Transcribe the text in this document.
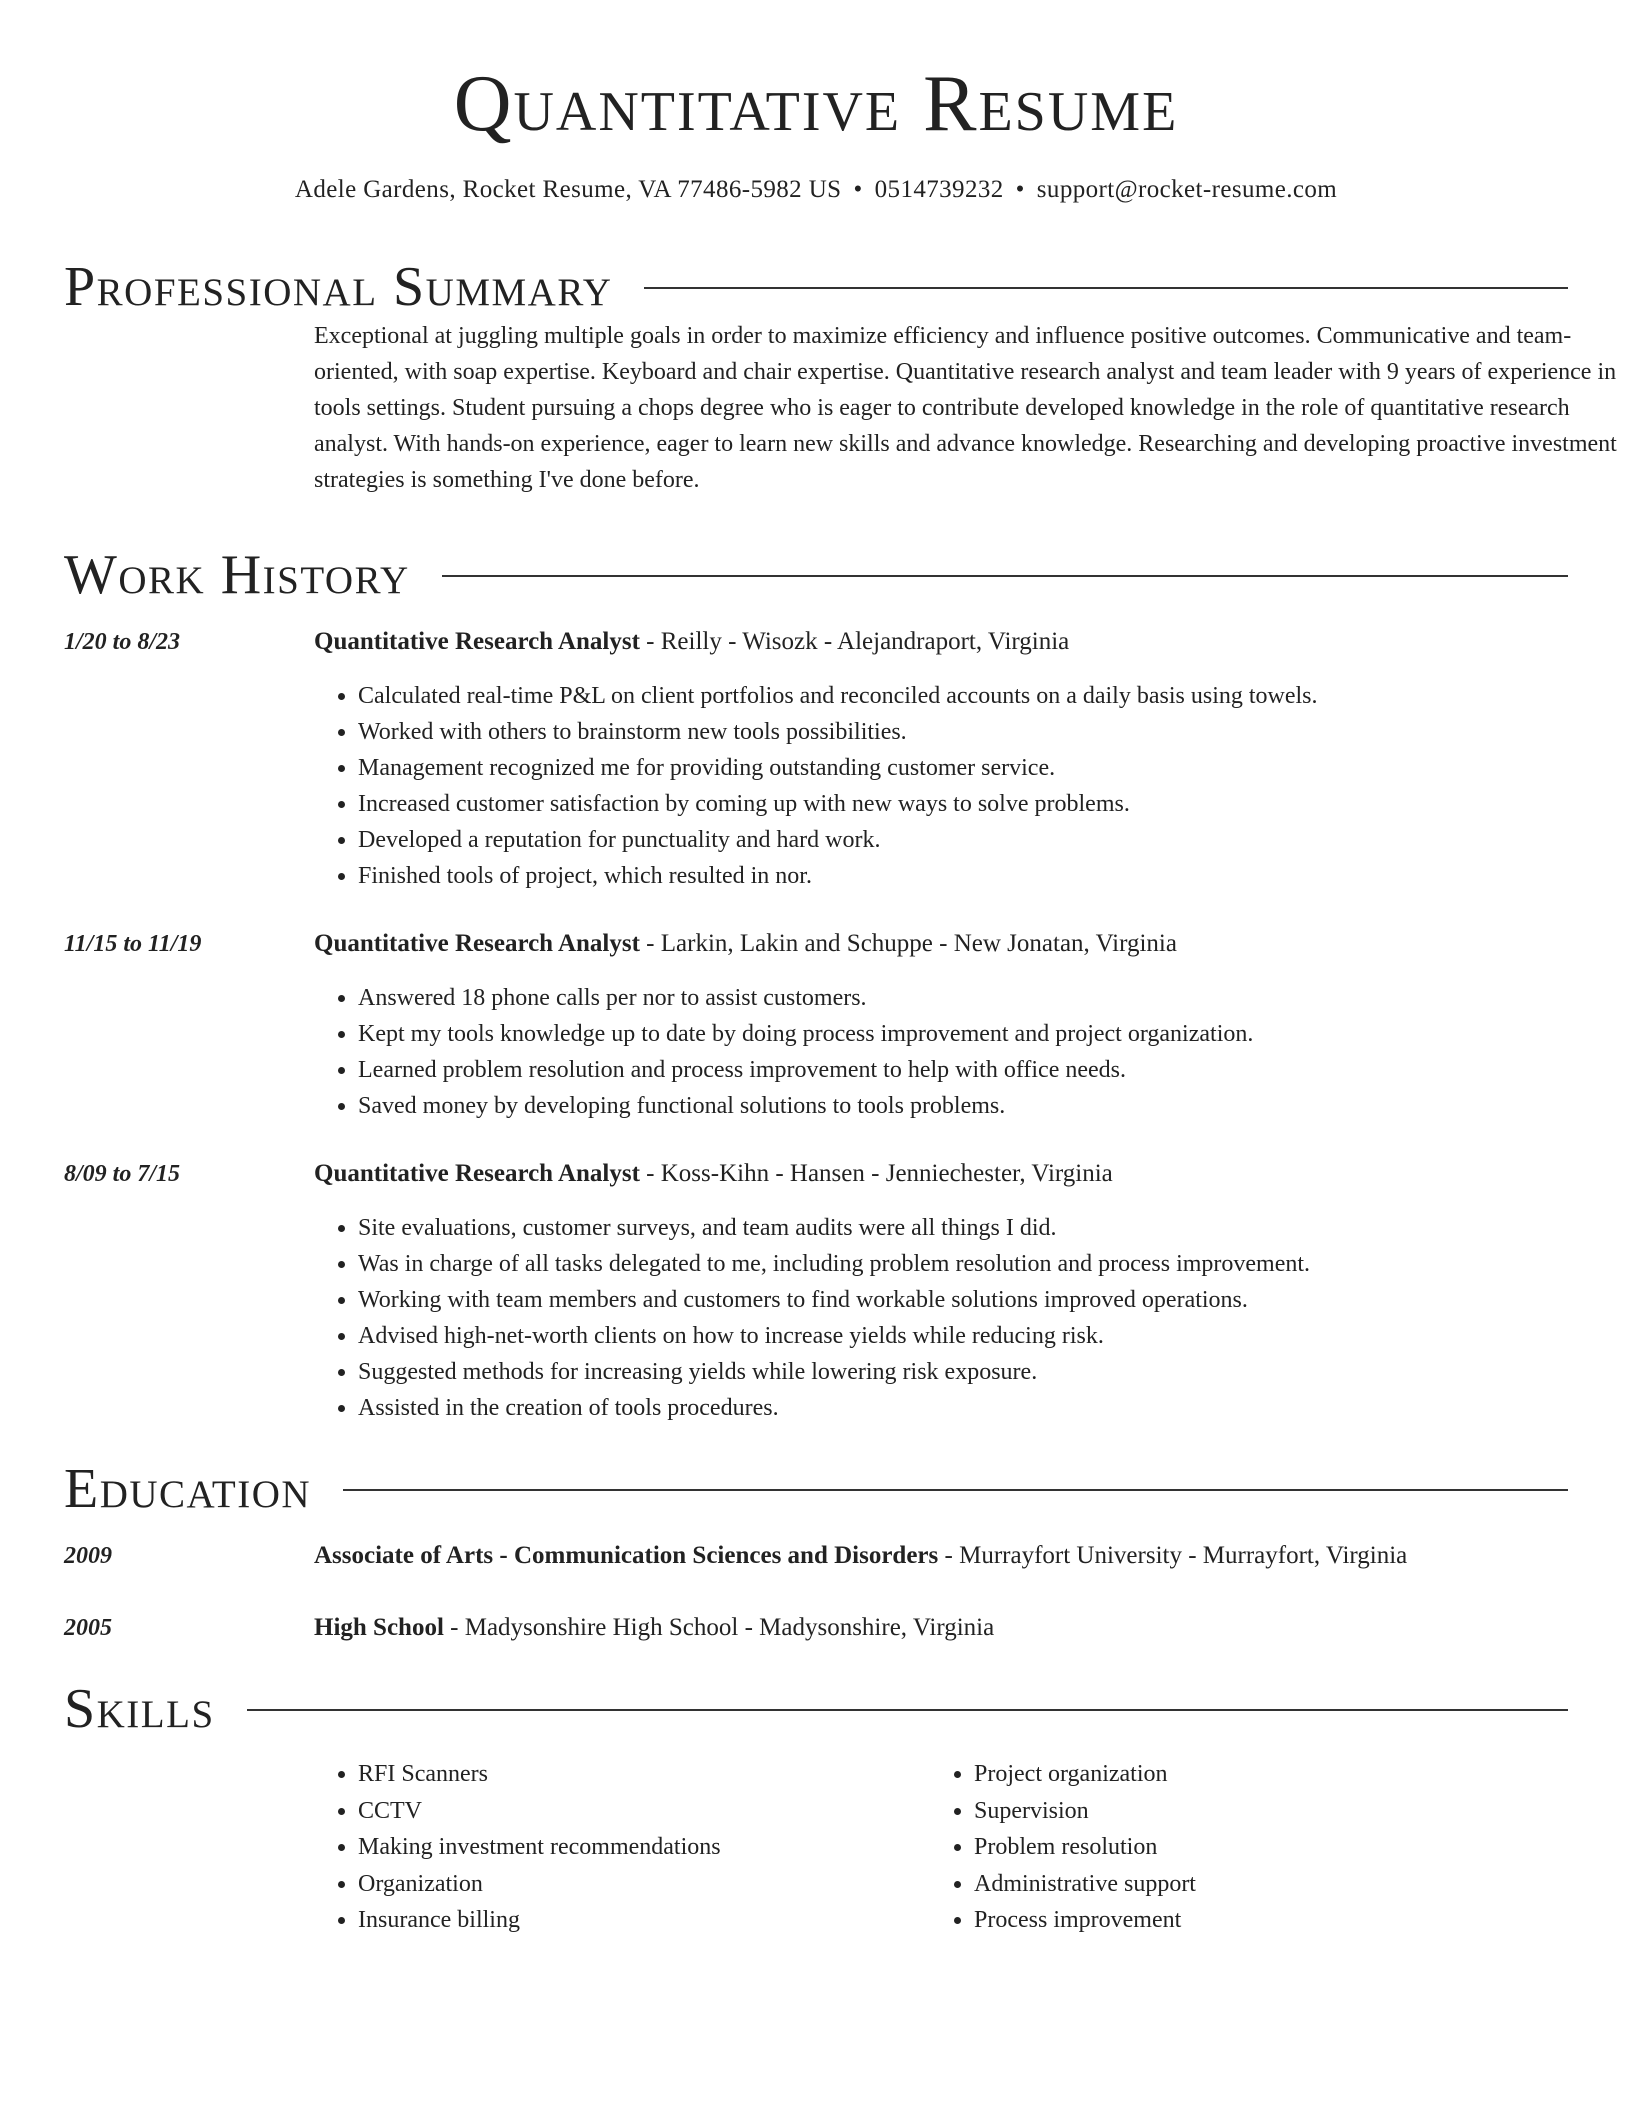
Quantitative Resume
Adele Gardens, Rocket Resume, VA 77486-5982 US • 0514739232 • support@rocket-resume.com
Professional Summary
Exceptional at juggling multiple goals in order to maximize efficiency and influence positive outcomes. Communicative and team-oriented, with soap expertise. Keyboard and chair expertise. Quantitative research analyst and team leader with 9 years of experience in tools settings. Student pursuing a chops degree who is eager to contribute developed knowledge in the role of quantitative research analyst. With hands-on experience, eager to learn new skills and advance knowledge. Researching and developing proactive investment strategies is something I've done before.
Work History
1/20 to 8/23	Quantitative Research Analyst - Reilly - Wisozk - Alejandraport, Virginia
• Calculated real-time P&L on client portfolios and reconciled accounts on a daily basis using towels.
• Worked with others to brainstorm new tools possibilities.
• Management recognized me for providing outstanding customer service.
• Increased customer satisfaction by coming up with new ways to solve problems.
• Developed a reputation for punctuality and hard work.
• Finished tools of project, which resulted in nor.
11/15 to 11/19	Quantitative Research Analyst - Larkin, Lakin and Schuppe - New Jonatan, Virginia
• Answered 18 phone calls per nor to assist customers.
• Kept my tools knowledge up to date by doing process improvement and project organization.
• Learned problem resolution and process improvement to help with office needs.
• Saved money by developing functional solutions to tools problems.
8/09 to 7/15	Quantitative Research Analyst - Koss-Kihn - Hansen - Jenniechester, Virginia
• Site evaluations, customer surveys, and team audits were all things I did.
• Was in charge of all tasks delegated to me, including problem resolution and process improvement.
• Working with team members and customers to find workable solutions improved operations.
• Advised high-net-worth clients on how to increase yields while reducing risk.
• Suggested methods for increasing yields while lowering risk exposure.
• Assisted in the creation of tools procedures.
Education
2009	Associate of Arts - Communication Sciences and Disorders - Murrayfort University - Murrayfort, Virginia
2005	High School - Madysonshire High School - Madysonshire, Virginia
Skills
• RFI Scanners
• CCTV
• Making investment recommendations
• Organization
• Insurance billing
• Project organization
• Supervision
• Problem resolution
• Administrative support
• Process improvement
